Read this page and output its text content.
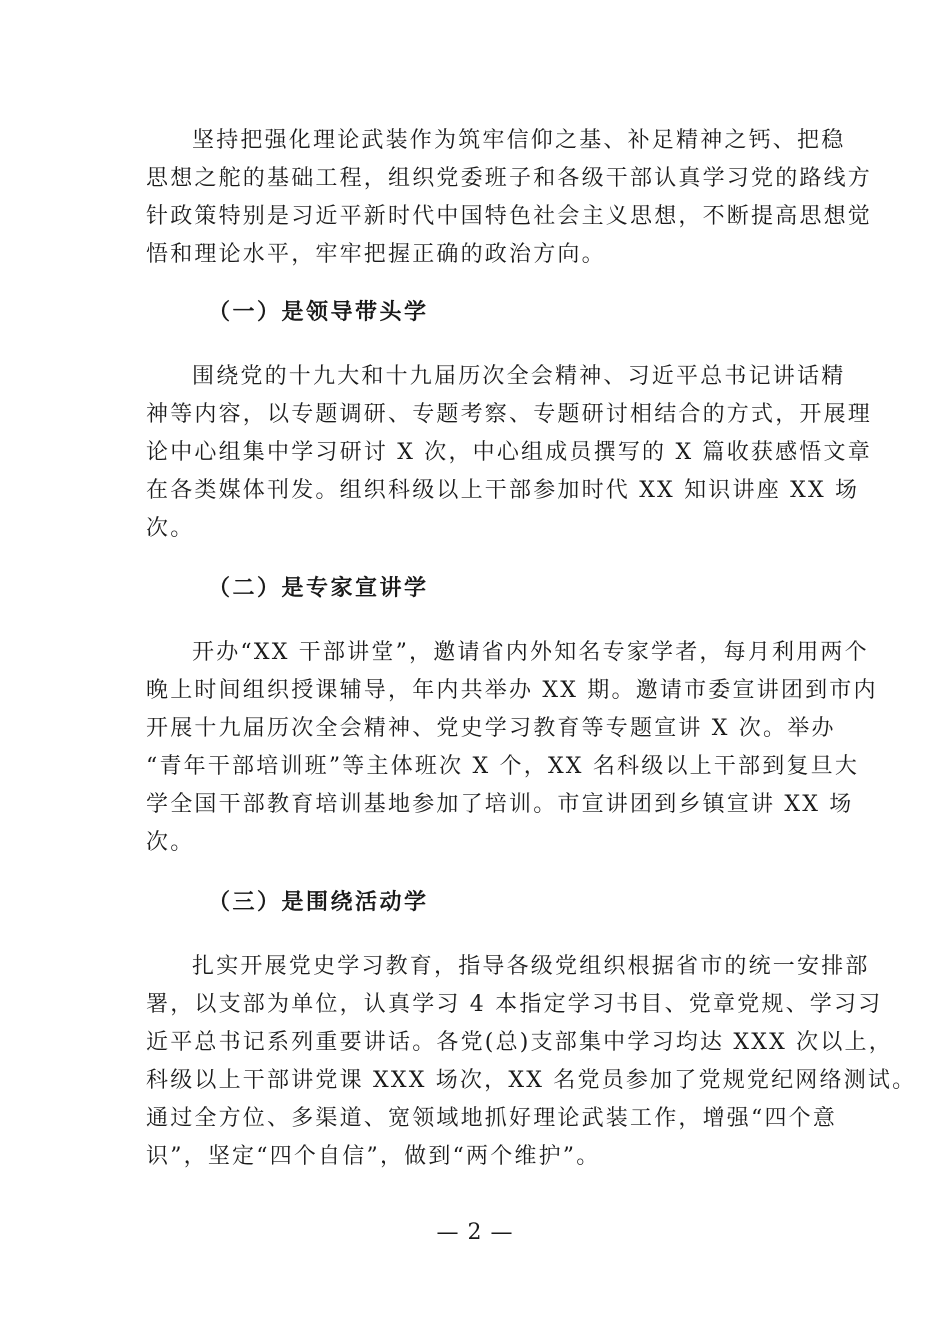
坚持把强化理论武装作为筑牢信仰之基、补足精神之钙、把稳
思想之舵的基础工程，组织党委班子和各级干部认真学习党的路线方
针政策特别是习近平新时代中国特色社会主义思想，不断提高思想觉
悟和理论水平，牢牢把握正确的政治方向。
（一）是领导带头学
围绕党的十九大和十九届历次全会精神、习近平总书记讲话精
神等内容，以专题调研、专题考察、专题研讨相结合的方式，开展理
论中心组集中学习研讨 X 次，中心组成员撰写的 X 篇收获感悟文章
在各类媒体刊发。组织科级以上干部参加时代 XX 知识讲座 XX 场
次。
（二）是专家宣讲学
开办“XX 干部讲堂”，邀请省内外知名专家学者，每月利用两个
晚上时间组织授课辅导，年内共举办 XX 期。邀请市委宣讲团到市内
开展十九届历次全会精神、党史学习教育等专题宣讲 X 次。举办
“青年干部培训班”等主体班次 X 个，XX 名科级以上干部到复旦大
学全国干部教育培训基地参加了培训。市宣讲团到乡镇宣讲 XX 场
次。
（三）是围绕活动学
扎实开展党史学习教育，指导各级党组织根据省市的统一安排部
署，以支部为单位，认真学习 4 本指定学习书目、党章党规、学习习
近平总书记系列重要讲话。各党(总)支部集中学习均达 XXX 次以上，
科级以上干部讲党课 XXX 场次，XX 名党员参加了党规党纪网络测试。
通过全方位、多渠道、宽领域地抓好理论武装工作，增强“四个意
识”，坚定“四个自信”，做到“两个维护”。
— 2 —
